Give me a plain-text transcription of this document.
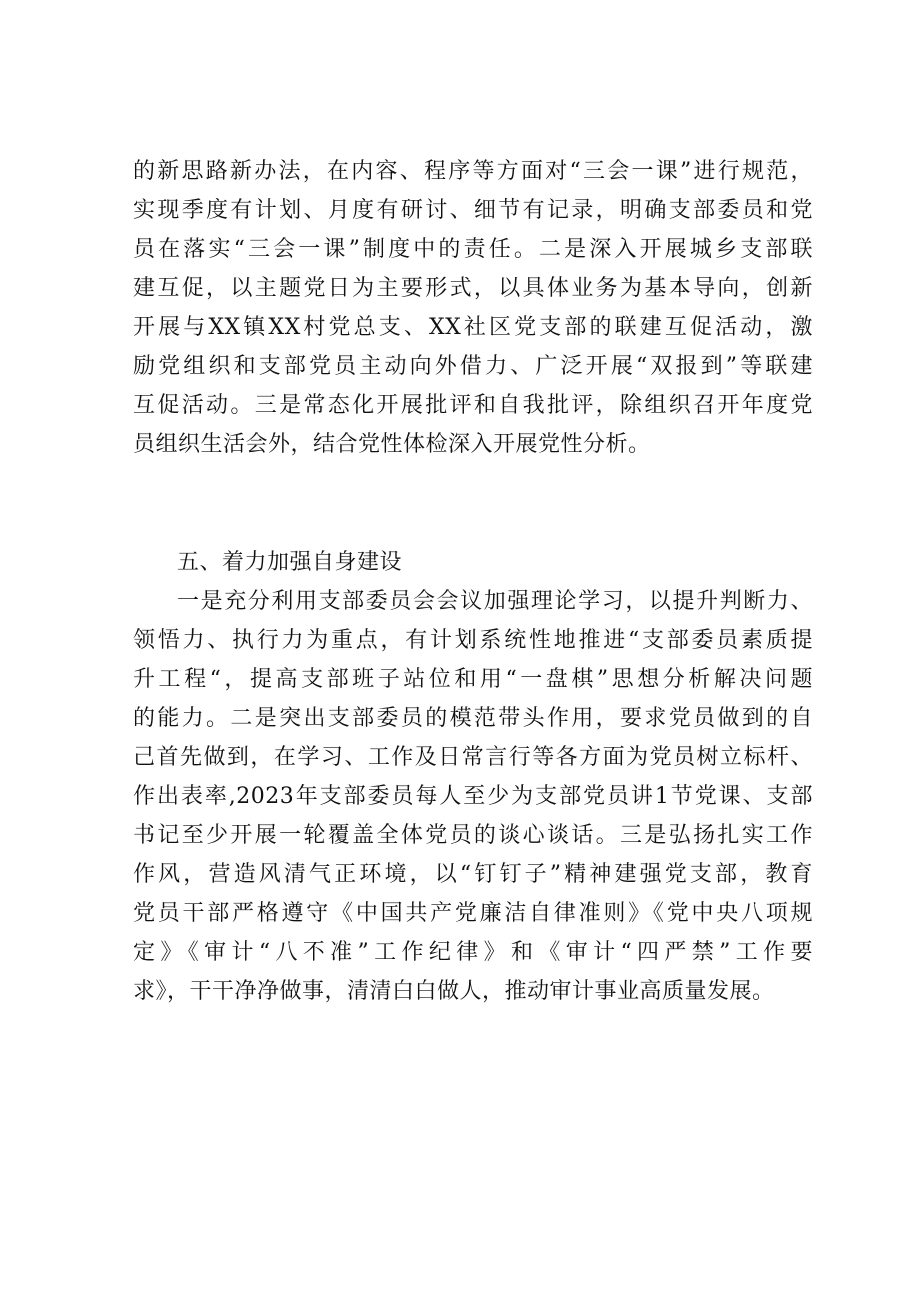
的新思路新办法，在内容、程序等方面对“三会一课”进行规范，
实现季度有计划、月度有研讨、细节有记录，明确支部委员和党
员在落实“三会一课”制度中的责任。二是深入开展城乡支部联
建互促，以主题党日为主要形式，以具体业务为基本导向，创新
开展与XX镇XX村党总支、XX社区党支部的联建互促活动，激
励党组织和支部党员主动向外借力、广泛开展“双报到”等联建
互促活动。三是常态化开展批评和自我批评，除组织召开年度党
员组织生活会外，结合党性体检深入开展党性分析。
五、着力加强自身建设
一是充分利用支部委员会会议加强理论学习，以提升判断力、
领悟力、执行力为重点，有计划系统性地推进“支部委员素质提
升工程“，提高支部班子站位和用“一盘棋”思想分析解决问题
的能力。二是突出支部委员的模范带头作用，要求党员做到的自
己首先做到，在学习、工作及日常言行等各方面为党员树立标杆、
作出表率,2023年支部委员每人至少为支部党员讲1节党课、支部
书记至少开展一轮覆盖全体党员的谈心谈话。三是弘扬扎实工作
作风，营造风清气正环境，以“钉钉子”精神建强党支部，教育
党员干部严格遵守《中国共产党廉洁自律准则》《党中央八项规
定》《审计“八不准”工作纪律》和《审计“四严禁”工作要
求》，干干净净做事，清清白白做人，推动审计事业高质量发展。
